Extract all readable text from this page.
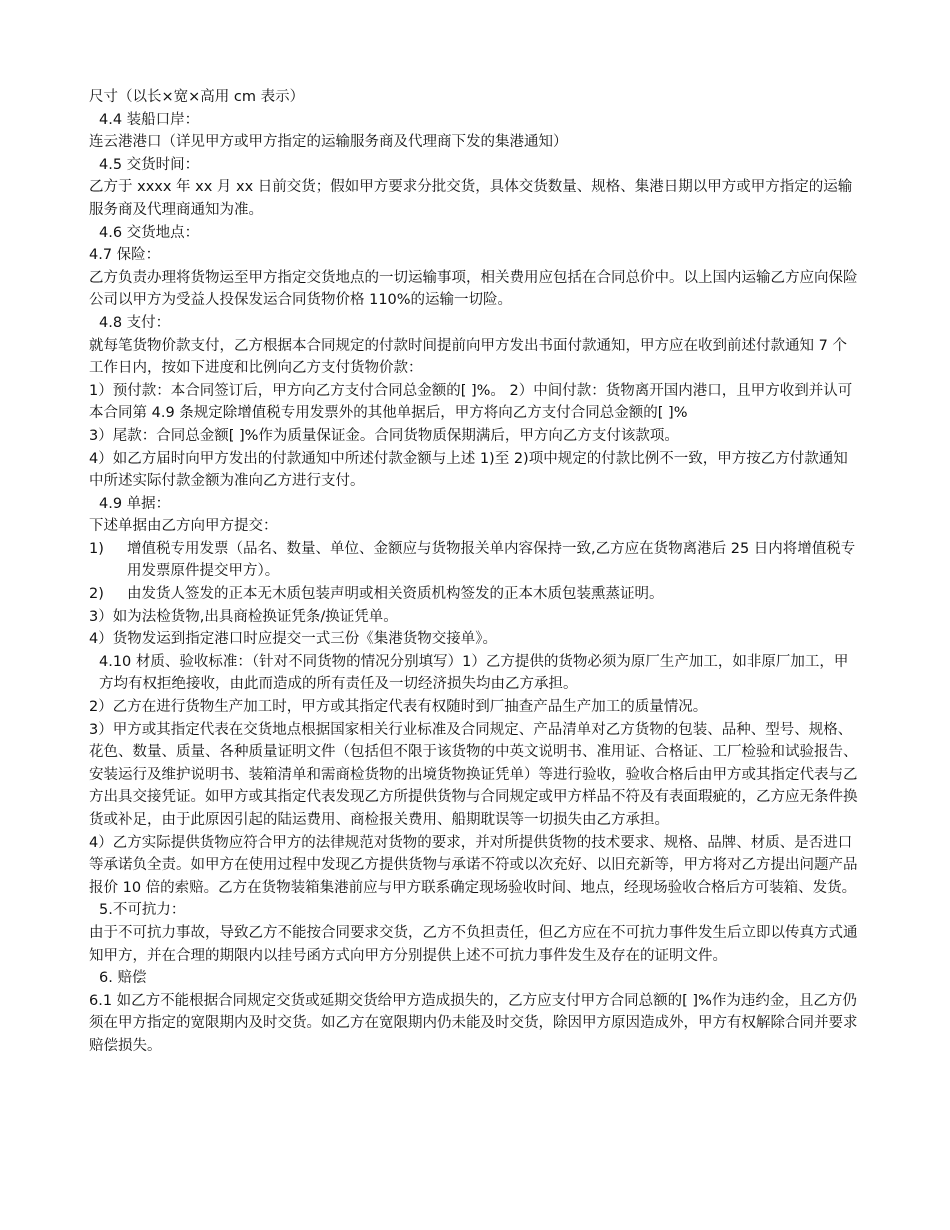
尺寸（以长×宽×高用 cm 表示）

4.4 装船口岸：

连云港港口（详见甲方或甲方指定的运输服务商及代理商下发的集港通知）

4.5 交货时间：

乙方于 xxxx 年 xx 月 xx 日前交货；假如甲方要求分批交货，具体交货数量、规格、集港日期以甲方或甲方指定的运输服务商及代理商通知为准。

4.6 交货地点：

4.7 保险：

乙方负责办理将货物运至甲方指定交货地点的一切运输事项，相关费用应包括在合同总价中。以上国内运输乙方应向保险公司以甲方为受益人投保发运合同货物价格 110%的运输一切险。

4.8 支付：

就每笔货物价款支付，乙方根据本合同规定的付款时间提前向甲方发出书面付款通知，甲方应在收到前述付款通知 7 个工作日内，按如下进度和比例向乙方支付货物价款：

1）预付款：本合同签订后，甲方向乙方支付合同总金额的[ ]%。 2）中间付款：货物离开国内港口，且甲方收到并认可本合同第 4.9 条规定除增值税专用发票外的其他单据后，甲方将向乙方支付合同总金额的[ ]%

3）尾款：合同总金额[ ]%作为质量保证金。合同货物质保期满后，甲方向乙方支付该款项。

4）如乙方届时向甲方发出的付款通知中所述付款金额与上述 1)至 2)项中规定的付款比例不一致，甲方按乙方付款通知中所述实际付款金额为准向乙方进行支付。

4.9 单据：

下述单据由乙方向甲方提交：

1) 增值税专用发票（品名、数量、单位、金额应与货物报关单内容保持一致,乙方应在货物离港后 25 日内将增值税专用发票原件提交甲方）。

2) 由发货人签发的正本无木质包装声明或相关资质机构签发的正本木质包装熏蒸证明。

3）如为法检货物,出具商检换证凭条/换证凭单。

4）货物发运到指定港口时应提交一式三份《集港货物交接单》。

4.10 材质、验收标准：（针对不同货物的情况分别填写）1）乙方提供的货物必须为原厂生产加工，如非原厂加工，甲方均有权拒绝接收，由此而造成的所有责任及一切经济损失均由乙方承担。

2）乙方在进行货物生产加工时，甲方或其指定代表有权随时到厂抽查产品生产加工的质量情况。

3）甲方或其指定代表在交货地点根据国家相关行业标准及合同规定、产品清单对乙方货物的包装、品种、型号、规格、花色、数量、质量、各种质量证明文件（包括但不限于该货物的中英文说明书、准用证、合格证、工厂检验和试验报告、安装运行及维护说明书、装箱清单和需商检货物的出境货物换证凭单）等进行验收，验收合格后由甲方或其指定代表与乙方出具交接凭证。如甲方或其指定代表发现乙方所提供货物与合同规定或甲方样品不符及有表面瑕疵的，乙方应无条件换货或补足，由于此原因引起的陆运费用、商检报关费用、船期耽误等一切损失由乙方承担。

4）乙方实际提供货物应符合甲方的法律规范对货物的要求，并对所提供货物的技术要求、规格、品牌、材质、是否进口等承诺负全责。如甲方在使用过程中发现乙方提供货物与承诺不符或以次充好、以旧充新等，甲方将对乙方提出问题产品报价 10 倍的索赔。乙方在货物装箱集港前应与甲方联系确定现场验收时间、地点，经现场验收合格后方可装箱、发货。

5.不可抗力：

由于不可抗力事故，导致乙方不能按合同要求交货，乙方不负担责任，但乙方应在不可抗力事件发生后立即以传真方式通知甲方，并在合理的期限内以挂号函方式向甲方分别提供上述不可抗力事件发生及存在的证明文件。

6. 赔偿

6.1 如乙方不能根据合同规定交货或延期交货给甲方造成损失的，乙方应支付甲方合同总额的[ ]%作为违约金，且乙方仍须在甲方指定的宽限期内及时交货。如乙方在宽限期内仍未能及时交货，除因甲方原因造成外，甲方有权解除合同并要求赔偿损失。
